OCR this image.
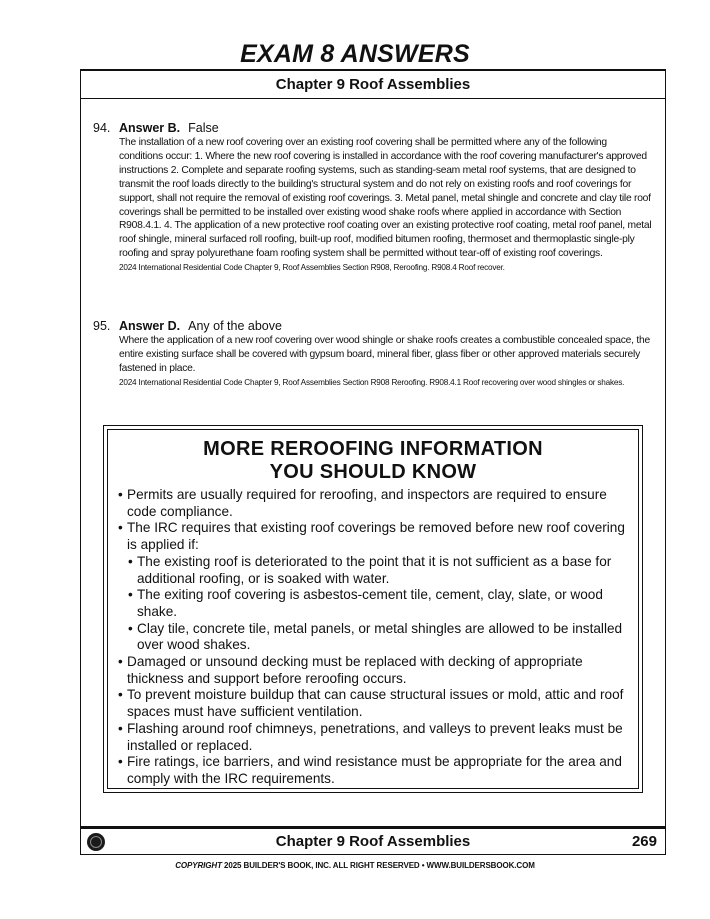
EXAM 8 ANSWERS
Chapter 9 Roof Assemblies
94. Answer B. False
The installation of a new roof covering over an existing roof covering shall be permitted where any of the following conditions occur: 1. Where the new roof covering is installed in accordance with the roof covering manufacturer's approved instructions 2. Complete and separate roofing systems, such as standing-seam metal roof systems, that are designed to transmit the roof loads directly to the building's structural system and do not rely on existing roofs and roof coverings for support, shall not require the removal of existing roof coverings. 3. Metal panel, metal shingle and concrete and clay tile roof coverings shall be permitted to be installed over existing wood shake roofs where applied in accordance with Section R908.4.1. 4. The application of a new protective roof coating over an existing protective roof coating, metal roof panel, metal roof shingle, mineral surfaced roll roofing, built-up roof, modified bitumen roofing, thermoset and thermoplastic single-ply roofing and spray polyurethane foam roofing system shall be permitted without tear-off of existing roof coverings.
2024 International Residential Code Chapter 9, Roof Assemblies Section R908, Reroofing. R908.4 Roof recover.
95. Answer D. Any of the above
Where the application of a new roof covering over wood shingle or shake roofs creates a combustible concealed space, the entire existing surface shall be covered with gypsum board, mineral fiber, glass fiber or other approved materials securely fastened in place.
2024 International Residential Code Chapter 9, Roof Assemblies Section R908 Reroofing. R908.4.1 Roof recovering over wood shingles or shakes.
MORE REROOFING INFORMATION
YOU SHOULD KNOW
• Permits are usually required for reroofing, and inspectors are required to ensure code compliance.
• The IRC requires that existing roof coverings be removed before new roof covering is applied if:
• The existing roof is deteriorated to the point that it is not sufficient as a base for additional roofing, or is soaked with water.
• The exiting roof covering is asbestos-cement tile, cement, clay, slate, or wood shake.
• Clay tile, concrete tile, metal panels, or metal shingles are allowed to be installed over wood shakes.
• Damaged or unsound decking must be replaced with decking of appropriate thickness and support before reroofing occurs.
• To prevent moisture buildup that can cause structural issues or mold, attic and roof spaces must have sufficient ventilation.
• Flashing around roof chimneys, penetrations, and valleys to prevent leaks must be installed or replaced.
• Fire ratings, ice barriers, and wind resistance must be appropriate for the area and comply with the IRC requirements.
Chapter 9 Roof Assemblies	269
COPYRIGHT 2025 BUILDER'S BOOK, INC. ALL RIGHT RESERVED • WWW.BUILDERSBOOK.COM
